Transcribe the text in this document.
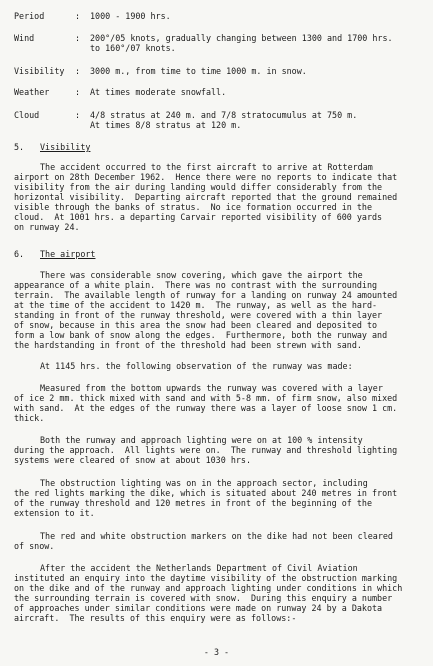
Period	: 1000 - 1900 hrs.
Wind	: 200°/05 knots, gradually changing between 1300 and 1700 hrs.
to 160°/07 knots.
Visibility : 3000 m., from time to time 1000 m. in snow.
Weather	: At times moderate snowfall.
Cloud	: 4/8 stratus at 240 m. and 7/8 stratocumulus at 750 m.
At times 8/8 stratus at 120 m.
5. Visibility
The accident occurred to the first aircraft to arrive at Rotterdam
airport on 28th December 1962.  Hence there were no reports to indicate that
visibility from the air during landing would differ considerably from the
horizontal visibility.  Departing aircraft reported that the ground remained
visible through the banks of stratus.  No ice formation occurred in the
cloud.  At 1001 hrs. a departing Carvair reported visibility of 600 yards
on runway 24.
6. The airport
There was considerable snow covering, which gave the airport the
appearance of a white plain.  There was no contrast with the surrounding
terrain.  The available length of runway for a landing on runway 24 amounted
at the time of the accident to 1420 m.  The runway, as well as the hard-
standing in front of the runway threshold, were covered with a thin layer
of snow, because in this area the snow had been cleared and deposited to
form a low bank of snow along the edges.  Furthermore, both the runway and
the hardstanding in front of the threshold had been strewn with sand.
At 1145 hrs. the following observation of the runway was made:
Measured from the bottom upwards the runway was covered with a layer
of ice 2 mm. thick mixed with sand and with 5-8 mm. of firm snow, also mixed
with sand.  At the edges of the runway there was a layer of loose snow 1 cm.
thick.
Both the runway and approach lighting were on at 100 % intensity
during the approach.  All lights were on.  The runway and threshold lighting
systems were cleared of snow at about 1030 hrs.
The obstruction lighting was on in the approach sector, including
the red lights marking the dike, which is situated about 240 metres in front
of the runway threshold and 120 metres in front of the beginning of the
extension to it.
The red and white obstruction markers on the dike had not been cleared
of snow.
After the accident the Netherlands Department of Civil Aviation
instituted an enquiry into the daytime visibility of the obstruction marking
on the dike and of the runway and approach lighting under conditions in which
the surrounding terrain is covered with snow.  During this enquiry a number
of approaches under similar conditions were made on runway 24 by a Dakota
aircraft.  The results of this enquiry were as follows:-
- 3 -
